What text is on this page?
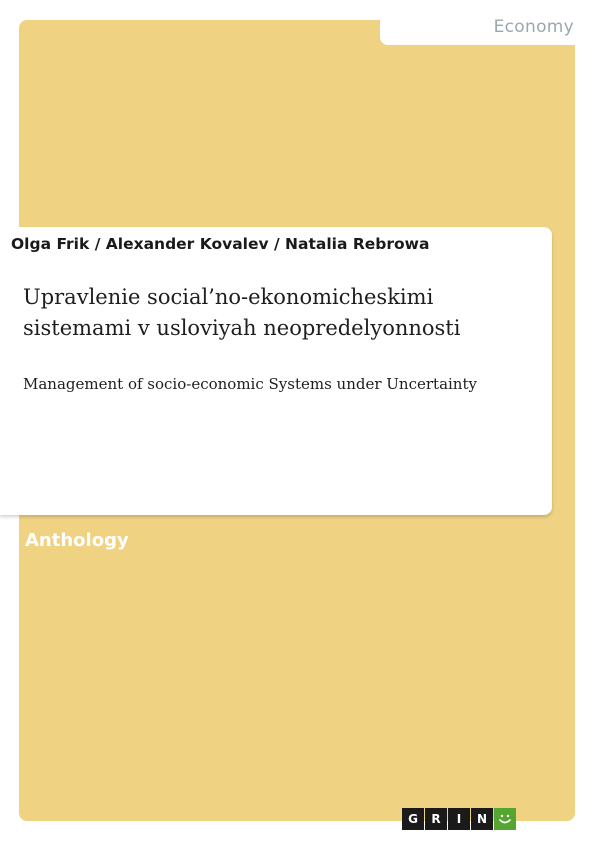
Economy
Olga Frik / Alexander Kovalev / Natalia Rebrowa
Upravlenie social’no-ekonomicheskimi sistemami v usloviyah neopredelyonnosti
Management of socio-economic Systems under Uncertainty
Anthology
G	R	I	N
